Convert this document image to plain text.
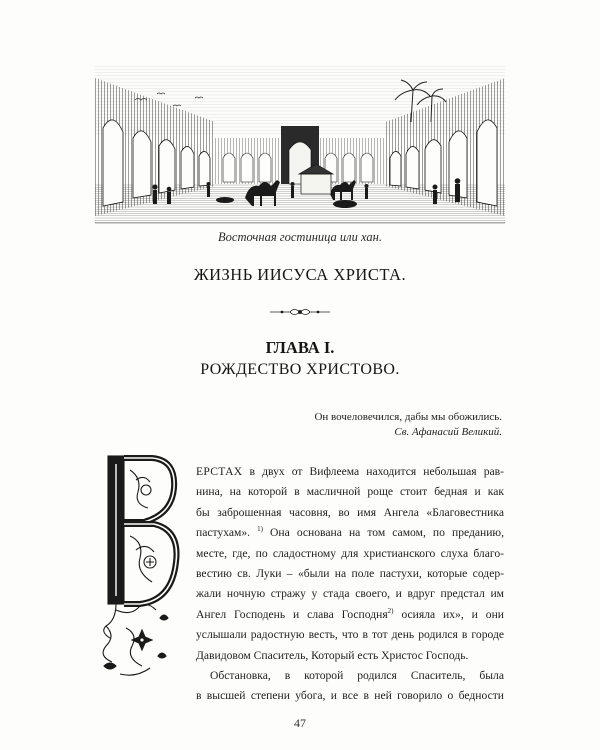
Восточная гостиница или хан.
ЖИЗНЬ ИИСУСА ХРИСТА.
ГЛАВА I.
РОЖДЕСТВО ХРИСТОВО.
Он вочеловечился, дабы мы обожились.
Св. Афанасий Великий.
В
ЕРСТАХ в двух от Вифлеема находится небольшая рав-
нина, на которой в масличной роще стоит бедная и как
бы заброшенная часовня, во имя Ангела «Благовестника
пастухам». $^{1)}$ Она основана на том самом, по преданию,
месте, где, по сладостному для христианского слуха благо-
вестию св. Луки – «были на поле пастухи, которые содер-
жали ночную стражу у стада своего, и вдруг предстал им
Ангел Господень и слава Господня$^{2)}$ осияла их», и они
услышали радостную весть, что в тот день родился в городе
Давидовом Спаситель, Который есть Христос Господь.
Обстановка, в которой родился Спаситель, была
в высшей степени убога, и все в ней говорило о бедности
47
